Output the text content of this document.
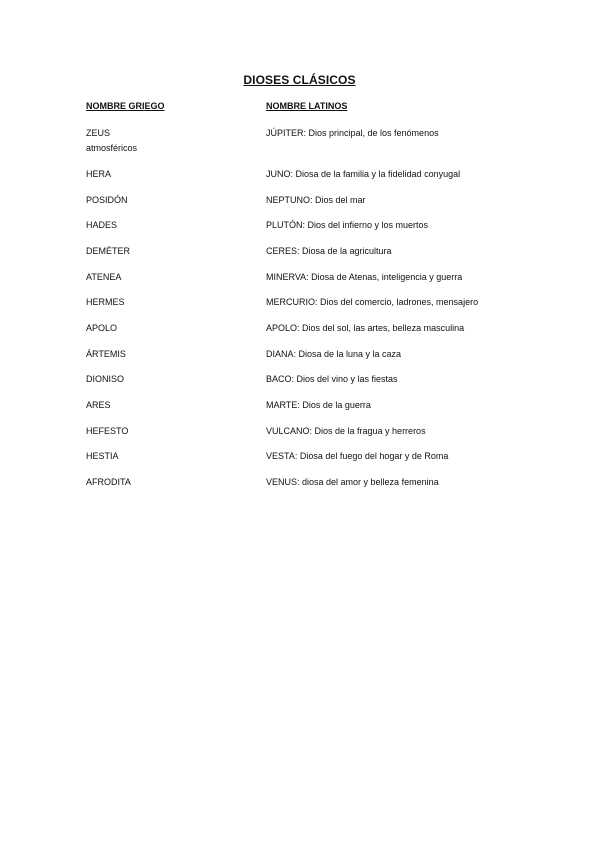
DIOSES CLÁSICOS
NOMBRE GRIEGO	NOMBRE LATINOS
ZEUS	JÚPITER: Dios principal, de los fenómenos
atmosféricos
HERA	JUNO: Diosa de la familia y la fidelidad conyugal
POSIDÓN	NEPTUNO: Dios del mar
HADES	PLUTÓN: Dios del infierno y los muertos
DEMÉTER	CERES: Diosa de la agricultura
ATENEA	MINERVA: Diosa de Atenas, inteligencia y guerra
HERMES	MERCURIO: Dios del comercio, ladrones, mensajero
APOLO	APOLO: Dios del sol, las artes, belleza masculina
ÁRTEMIS	DIANA: Diosa de la luna y la caza
DIONISO	BACO: Dios del vino y las fiestas
ARES	MARTE: Dios de la guerra
HEFESTO	VULCANO: Dios de la fragua y herreros
HESTIA	VESTA: Diosa del fuego del hogar y de Roma
AFRODITA	VENUS: diosa del amor y belleza femenina
